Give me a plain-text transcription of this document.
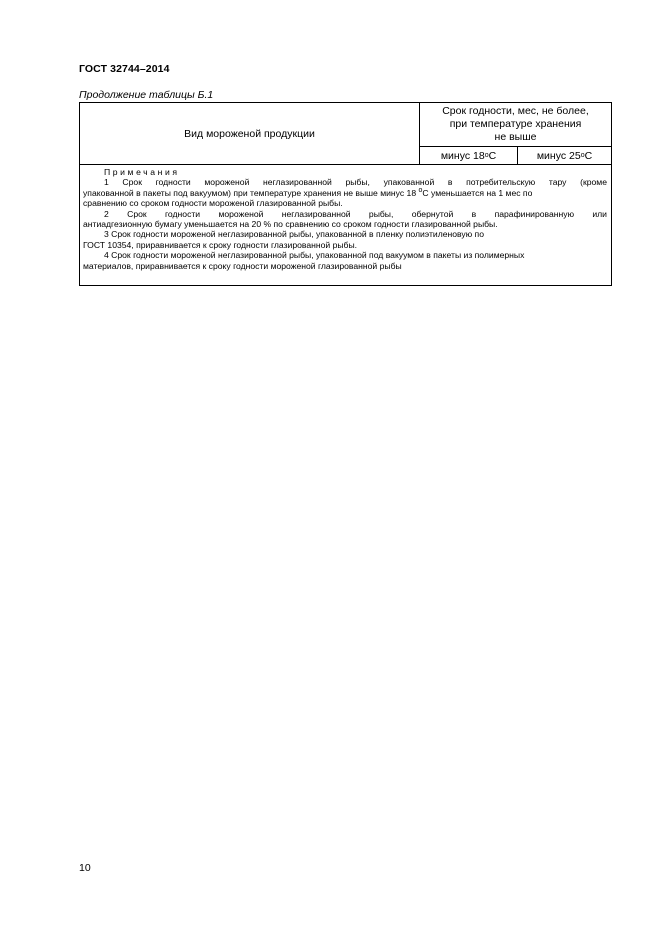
ГОСТ 32744–2014
Продолжение таблицы Б.1
Вид мороженой продукции
Срок годности, мес, не более,
при температуре хранения
не выше
минус 18 о С	минус 25 о С
Примечания

1 Срок годности мороженой неглазированной рыбы, упакованной в потребительскую тару (кроме

упакованной в пакеты под вакуумом) при температуре хранения не выше минус 18 $^о$С уменьшается на 1 мес по
сравнению со сроком годности мороженой глазированной рыбы.

2 Срок годности мороженой неглазированной рыбы, обернутой в парафинированную или

антиадгезионную бумагу уменьшается на 20 % по сравнению со сроком годности глазированной рыбы.
3 Срок годности мороженой неглазированной рыбы, упакованной в пленку полиэтиленовую по
ГОСТ 10354, приравнивается к сроку годности глазированной рыбы.
4 Срок годности мороженой неглазированной рыбы, упакованной под вакуумом в пакеты из полимерных
материалов, приравнивается к сроку годности мороженой глазированной рыбы
10
